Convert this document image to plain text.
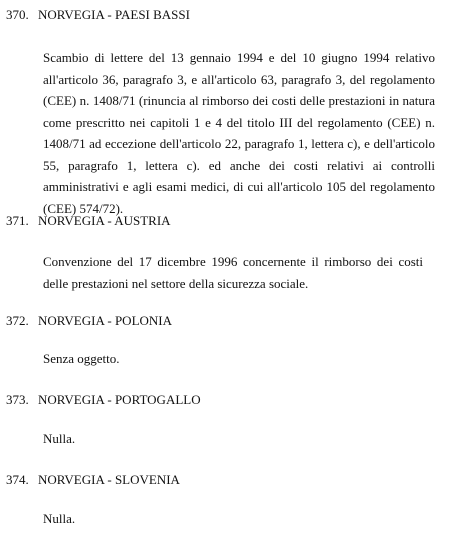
370. NORVEGIA - PAESI BASSI
Scambio di lettere del 13 gennaio 1994 e del 10 giugno 1994 relativo all'articolo 36, paragrafo 3, e all'articolo 63, paragrafo 3, del regolamento (CEE) n. 1408/71 (rinuncia al rimborso dei costi delle prestazioni in natura come prescritto nei capitoli 1 e 4 del titolo III del regolamento (CEE) n. 1408/71 ad eccezione dell'articolo 22, paragrafo 1, lettera c), e dell'articolo 55, paragrafo 1, lettera c). ed anche dei costi relativi ai controlli amministrativi e agli esami medici, di cui all'articolo 105 del regolamento (CEE) 574/72).
371. NORVEGIA - AUSTRIA
Convenzione del 17 dicembre 1996 concernente il rimborso dei costi delle prestazioni nel settore della sicurezza sociale.
372. NORVEGIA - POLONIA
Senza oggetto.
373. NORVEGIA - PORTOGALLO
Nulla.
374. NORVEGIA - SLOVENIA
Nulla.
